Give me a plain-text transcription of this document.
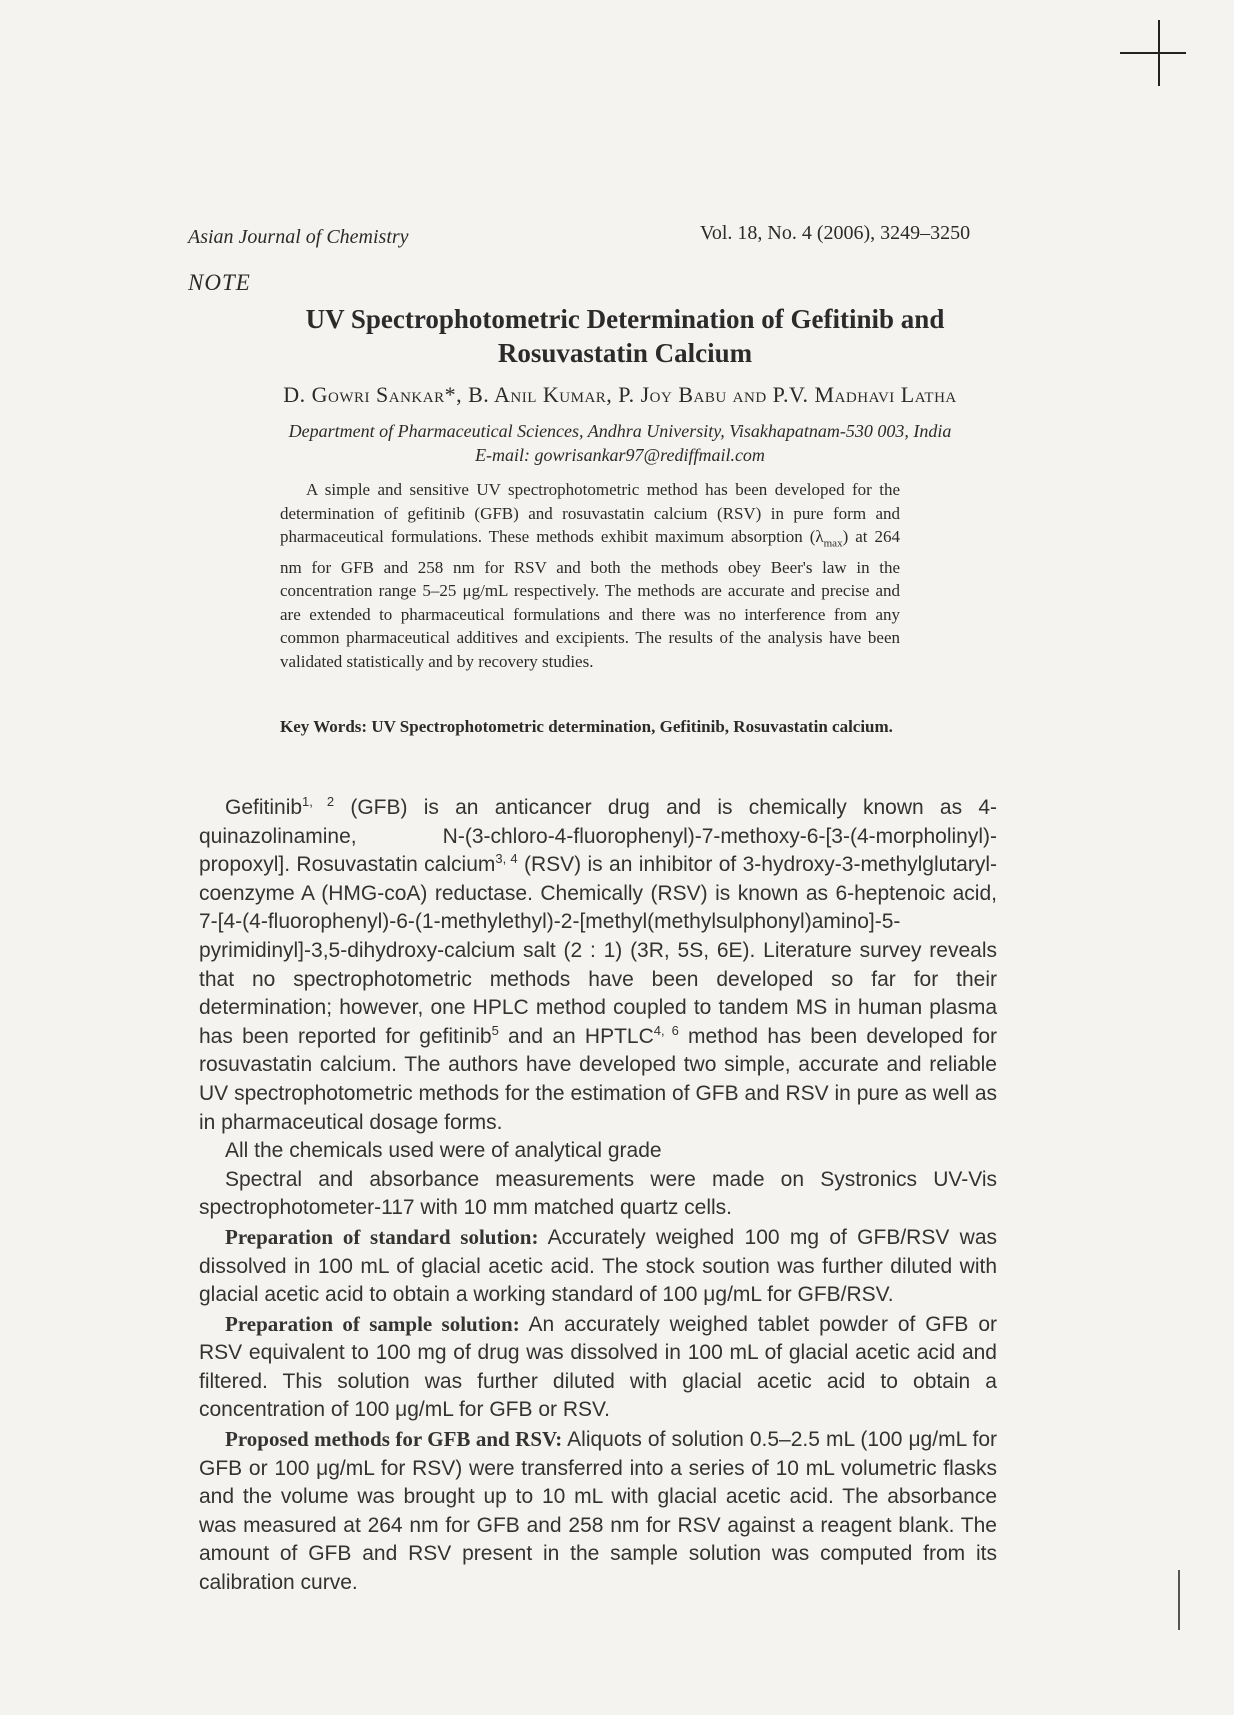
Asian Journal of Chemistry	Vol. 18, No. 4 (2006), 3249–3250
NOTE
UV Spectrophotometric Determination of Gefitinib and
Rosuvastatin Calcium
D. Gowri Sankar*, B. Anil Kumar, P. Joy Babu and P.V. Madhavi Latha
Department of Pharmaceutical Sciences, Andhra University, Visakhapatnam-530 003, India
E-mail: gowrisankar97@rediffmail.com
A simple and sensitive UV spectrophotometric method has been developed for the determination of gefitinib (GFB) and rosuvastatin calcium (RSV) in pure form and pharmaceutical formulations. These methods exhibit maximum absorption $(\lambda_{max})$ at 264 nm for GFB and 258 nm for RSV and both the methods obey Beer's law in the concentration range 5–25 μg/mL respectively. The methods are accurate and precise and are extended to pharmaceutical formulations and there was no interference from any common pharmaceutical additives and excipients. The results of the analysis have been validated statistically and by recovery studies.
Key Words: UV Spectrophotometric determination, Gefitinib, Rosuvastatin calcium.

Gefitinib$^{1, 2}$ (GFB) is an anticancer drug and is chemically known as 4-quinazolinamine, N-(3-chloro-4-fluorophenyl)-7-methoxy-6-[3-(4-morpholinyl)-propoxyl]. Rosuvastatin calcium$^{3, 4}$ (RSV) is an inhibitor of 3-hydroxy-3-methylglutaryl-coenzyme A (HMG-coA) reductase. Chemically (RSV) is known as 6-heptenoic acid, 7-[4-(4-fluorophenyl)-6-(1-methylethyl)-2-[methyl(methylsulphonyl)amino]-5-pyrimidinyl]-3,5-dihydroxy-calcium salt (2 : 1) (3R, 5S, 6E). Literature survey reveals that no spectrophotometric methods have been developed so far for their determination; however, one HPLC method coupled to tandem MS in human plasma has been reported for gefitinib$^5$ and an HPTLC$^{4, 6}$ method has been developed for rosuvastatin calcium. The authors have developed two simple, accurate and reliable UV spectrophotometric methods for the estimation of GFB and RSV in pure as well as in pharmaceutical dosage forms.

All the chemicals used were of analytical grade

Spectral and absorbance measurements were made on Systronics UV-Vis spectrophotometer-117 with 10 mm matched quartz cells.

Preparation of standard solution: Accurately weighed 100 mg of GFB/RSV was dissolved in 100 mL of glacial acetic acid. The stock soution was further diluted with glacial acetic acid to obtain a working standard of 100 μg/mL for GFB/RSV.

Preparation of sample solution: An accurately weighed tablet powder of GFB or RSV equivalent to 100 mg of drug was dissolved in 100 mL of glacial acetic acid and filtered. This solution was further diluted with glacial acetic acid to obtain a concentration of 100 μg/mL for GFB or RSV.

Proposed methods for GFB and RSV: Aliquots of solution 0.5–2.5 mL (100 μg/mL for GFB or 100 μg/mL for RSV) were transferred into a series of 10 mL volumetric flasks and the volume was brought up to 10 mL with glacial acetic acid. The absorbance was measured at 264 nm for GFB and 258 nm for RSV against a reagent blank. The amount of GFB and RSV present in the sample solution was computed from its calibration curve.
